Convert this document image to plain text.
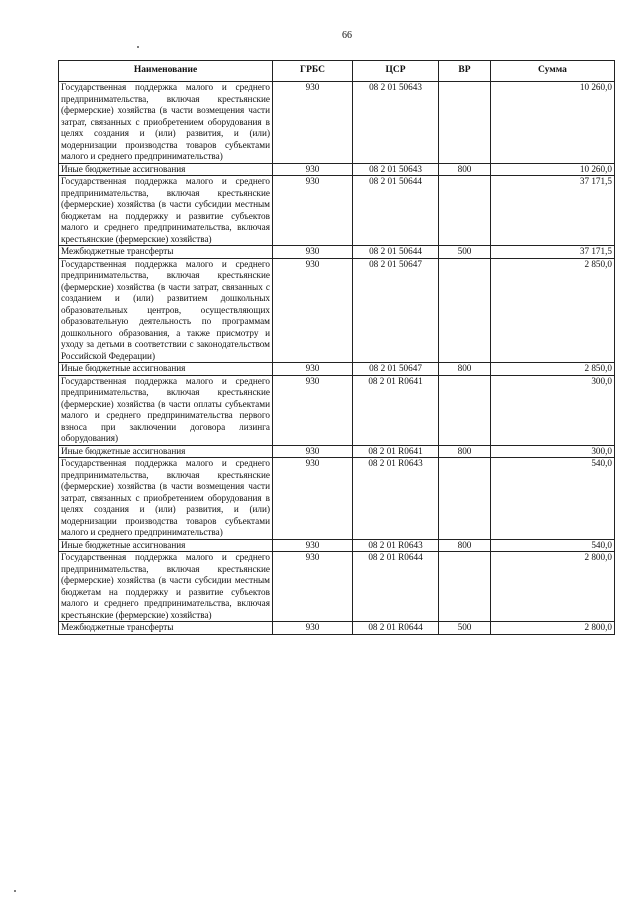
66
Наименование	ГРБС	ЦСР	ВР	Сумма
Государственная поддержка малого и среднего предпринимательства, включая крестьянские (фермерские) хозяйства (в части возмещения части затрат, связанных с приобретением оборудования в целях создания и (или) развития, и (или) модернизации производства товаров субъектами малого и среднего предпринимательства)	930	08 2 01 50643		10 260,0
Иные бюджетные ассигнования	930	08 2 01 50643	800	10 260,0
Государственная поддержка малого и среднего предпринимательства, включая крестьянские (фермерские) хозяйства (в части субсидии местным бюджетам на поддержку и развитие субъектов малого и среднего предпринимательства, включая крестьянские (фермерские) хозяйства)	930	08 2 01 50644		37 171,5
Межбюджетные трансферты	930	08 2 01 50644	500	37 171,5
Государственная поддержка малого и среднего предпринимательства, включая крестьянские (фермерские) хозяйства (в части затрат, связанных с созданием и (или) развитием дошкольных образовательных центров, осуществляющих образовательную деятельность по программам дошкольного образования, а также присмотру и уходу за детьми в соответствии с законодательством Российской Федерации)	930	08 2 01 50647		2 850,0
Иные бюджетные ассигнования	930	08 2 01 50647	800	2 850,0
Государственная поддержка малого и среднего предпринимательства, включая крестьянские (фермерские) хозяйства (в части оплаты субъектами малого и среднего предпринимательства первого взноса при заключении договора лизинга оборудования)	930	08 2 01 R0641		300,0
Иные бюджетные ассигнования	930	08 2 01 R0641	800	300,0
Государственная поддержка малого и среднего предпринимательства, включая крестьянские (фермерские) хозяйства (в части возмещения части затрат, связанных с приобретением оборудования в целях создания и (или) развития, и (или) модернизации производства товаров субъектами малого и среднего предпринимательства)	930	08 2 01 R0643		540,0
Иные бюджетные ассигнования	930	08 2 01 R0643	800	540,0
Государственная поддержка малого и среднего предпринимательства, включая крестьянские (фермерские) хозяйства (в части субсидии местным бюджетам на поддержку и развитие субъектов малого и среднего предпринимательства, включая крестьянские (фермерские) хозяйства)	930	08 2 01 R0644		2 800,0
Межбюджетные трансферты	930	08 2 01 R0644	500	2 800,0
